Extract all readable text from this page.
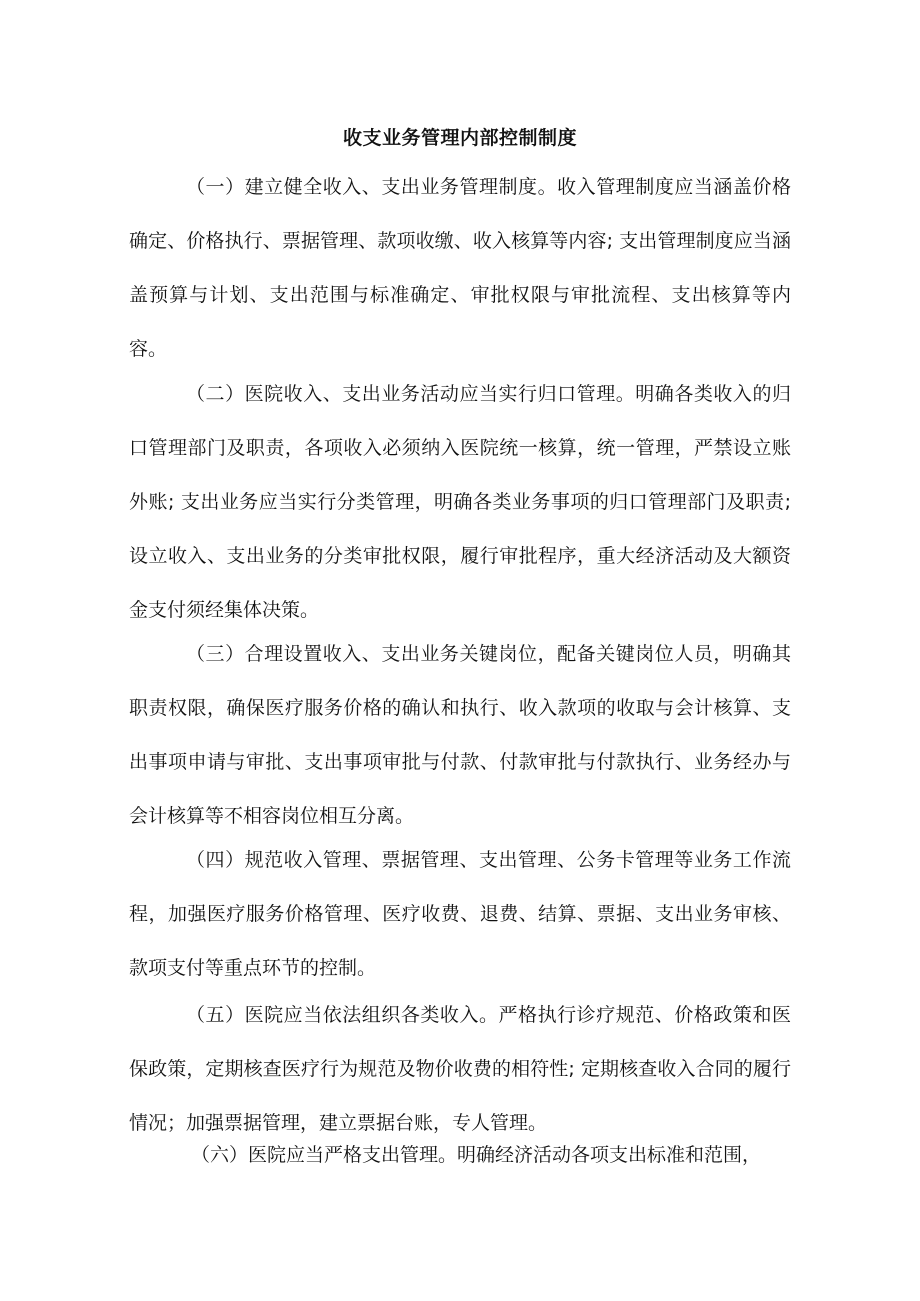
收支业务管理内部控制制度

（一）建立健全收入、支出业务管理制度。收入管理制度应当涵盖价格确定、价格执行、票据管理、款项收缴、收入核算等内容; 支出管理制度应当涵盖预算与计划、支出范围与标准确定、审批权限与审批流程、支出核算等内容。

（二）医院收入、支出业务活动应当实行归口管理。明确各类收入的归口管理部门及职责，各项收入必须纳入医院统一核算，统一管理，严禁设立账外账; 支出业务应当实行分类管理，明确各类业务事项的归口管理部门及职责; 设立收入、支出业务的分类审批权限，履行审批程序，重大经济活动及大额资金支付须经集体决策。

（三）合理设置收入、支出业务关键岗位，配备关键岗位人员，明确其职责权限，确保医疗服务价格的确认和执行、收入款项的收取与会计核算、支出事项申请与审批、支出事项审批与付款、付款审批与付款执行、业务经办与会计核算等不相容岗位相互分离。

（四）规范收入管理、票据管理、支出管理、公务卡管理等业务工作流程，加强医疗服务价格管理、医疗收费、退费、结算、票据、支出业务审核、款项支付等重点环节的控制。

（五）医院应当依法组织各类收入。严格执行诊疗规范、价格政策和医保政策，定期核查医疗行为规范及物价收费的相符性; 定期核查收入合同的履行情况；加强票据管理，建立票据台账，专人管理。

（六）医院应当严格支出管理。明确经济活动各项支出标准和范围，
